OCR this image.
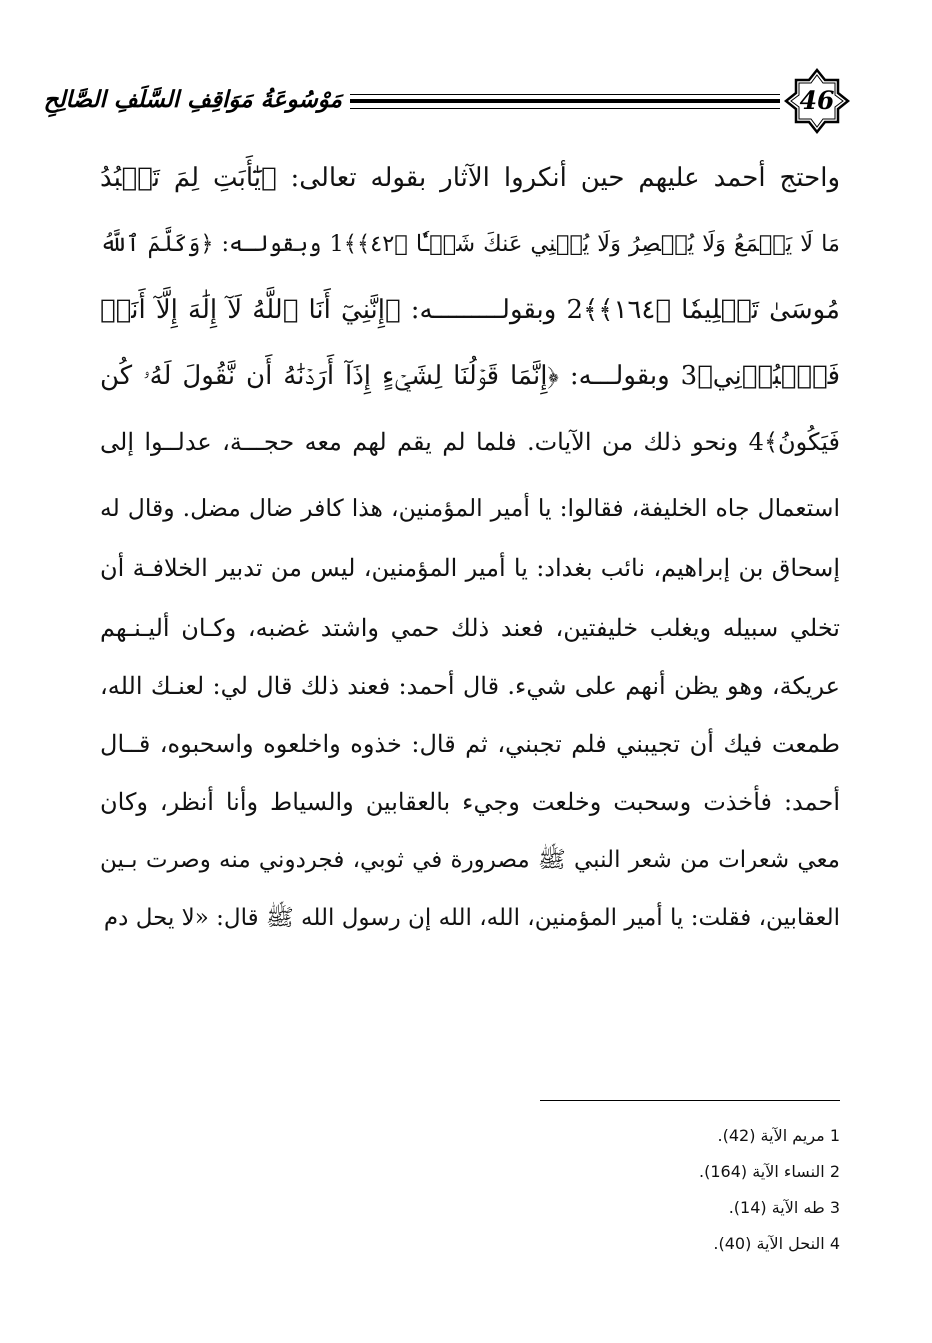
مَوْسُوعَةُ مَوَاقِفِ السَّلَفِ الصَّالِحِ	46
واحتج أحمد عليهم حين أنكروا الآثار بقوله تعالى: ﴿يَٰٓأَبَتِ لِمَ تَعۡبُدُ
مَا لَا يَسۡمَعُ وَلَا يُبۡصِرُ وَلَا يُغۡنِي عَنكَ شَيۡـٔٗا ﴿٤٢﴾﴾1 وبقولـه: ﴿وَكَلَّمَ ٱللَّهُ
مُوسَىٰ تَكۡلِيمٗا ﴿١٦٤﴾﴾2 وبقولـــــــــه: ﴿إِنَّنِيٓ أَنَا ٱللَّهُ لَآ إِلَٰهَ إِلَّآ أَنَا۠
فَٱعۡبُدۡنِي﴾3 وبقولـــه: ﴿إِنَّمَا قَوۡلُنَا لِشَيۡءٍ إِذَآ أَرَدۡنَٰهُ أَن نَّقُولَ لَهُۥ كُن
فَيَكُونُ﴾4 ونحو ذلك من الآيات. فلما لم يقم لهم معه حجـــة، عدلــوا إلى
استعمال جاه الخليفة، فقالوا: يا أمير المؤمنين، هذا كافر ضال مضل. وقال له
إسحاق بن إبراهيم، نائب بغداد: يا أمير المؤمنين، ليس من تدبير الخلافـة أن
تخلي سبيله ويغلب خليفتين، فعند ذلك حمي واشتد غضبه، وكـان أليـنـهم
عريكة، وهو يظن أنهم على شيء. قال أحمد: فعند ذلك قال لي: لعنـك الله،
طمعت فيك أن تجيبني فلم تجبني، ثم قال: خذوه واخلعوه واسحبوه، قــال
أحمد: فأخذت وسحبت وخلعت وجيء بالعقابين والسياط وأنا أنظر، وكان
معي شعرات من شعر النبي ﷺ مصرورة في ثوبي، فجردوني منه وصرت بـين
العقابين، فقلت: يا أمير المؤمنين، الله، الله إن رسول الله ﷺ قال: «لا يحل دم
1 مريم الآية (42).
2 النساء الآية (164).
3 طه الآية (14).
4 النحل الآية (40).
